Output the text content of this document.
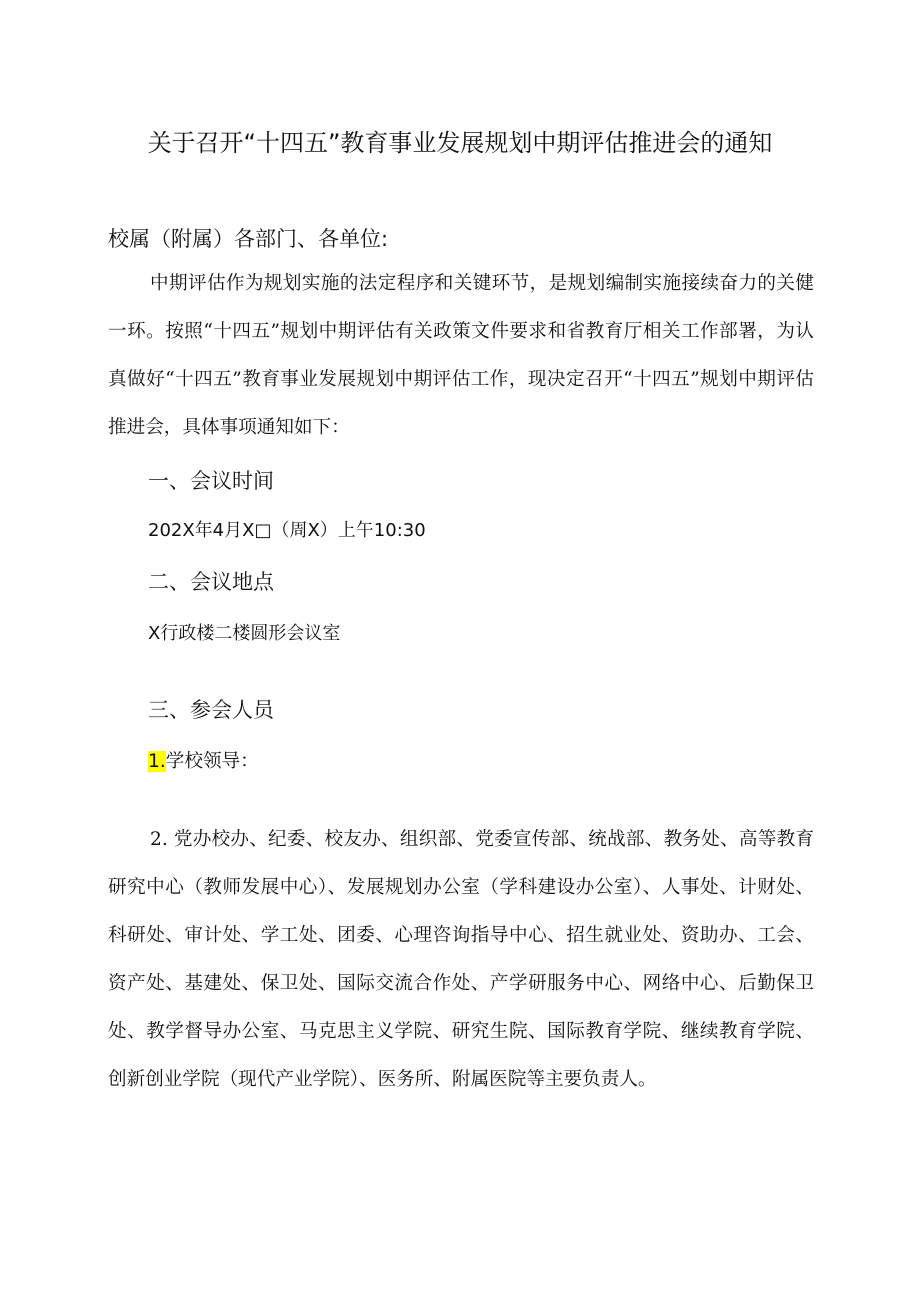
关于召开“十四五”教育事业发展规划中期评估推进会的通知
校属（附属）各部门、各单位:

中期评估作为规划实施的法定程序和关键环节，是规划编制实施接续奋力的关健一环。按照“十四五”规划中期评估有关政策文件要求和省教育厅相关工作部署，为认真做好“十四五”教育事业发展规划中期评估工作，现决定召开“十四五”规划中期评估推进会，具体事项通知如下：

一、会议时间
202X年4月X□（周X）上午10:30
二、会议地点
X行政楼二楼圆形会议室
三、参会人员
1.学校领导：

2. 党办校办、纪委、校友办、组织部、党委宣传部、统战部、教务处、高等教育研究中心（教师发展中心）、发展规划办公室（学科建设办公室）、人事处、计财处、科研处、审计处、学工处、团委、心理咨询指导中心、招生就业处、资助办、工会、资产处、基建处、保卫处、国际交流合作处、产学研服务中心、网络中心、后勤保卫处、教学督导办公室、马克思主义学院、研究生院、国际教育学院、继续教育学院、创新创业学院（现代产业学院）、医务所、附属医院等主要负责人。
